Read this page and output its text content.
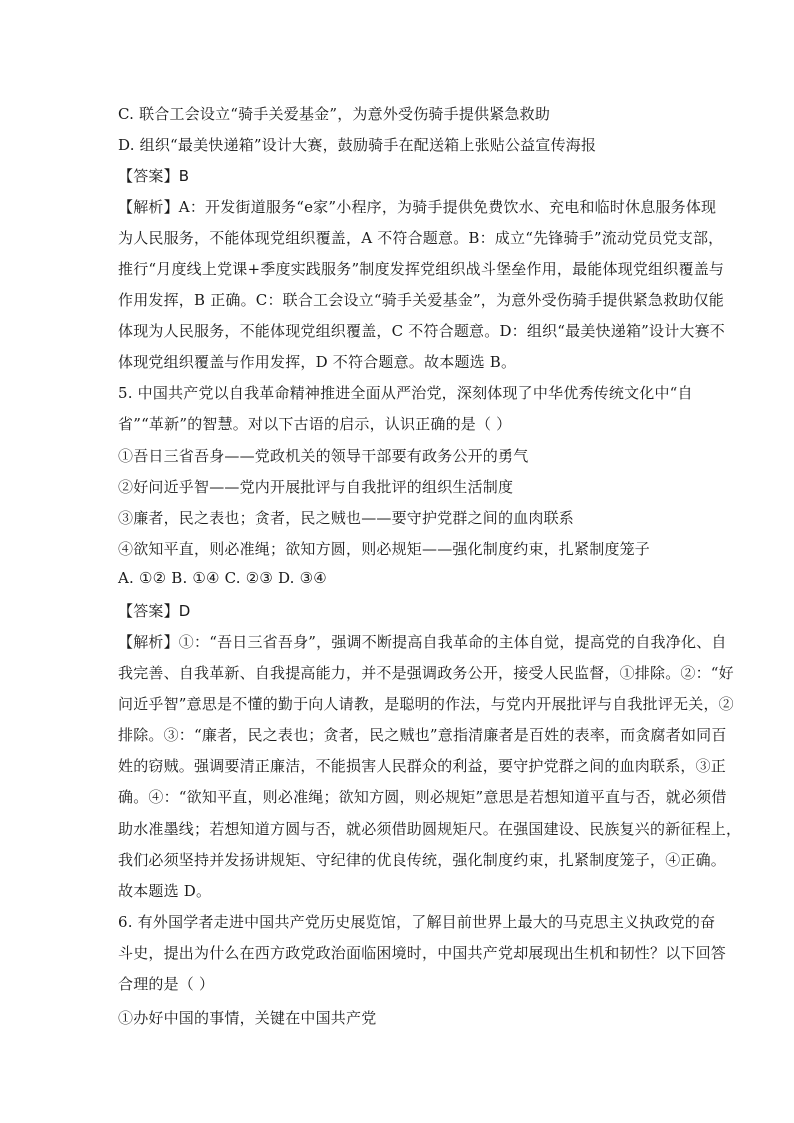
C. 联合工会设立“骑手关爱基金”，为意外受伤骑手提供紧急救助
D. 组织“最美快递箱”设计大赛，鼓励骑手在配送箱上张贴公益宣传海报
【答案】B
【解析】A：开发街道服务“e家”小程序，为骑手提供免费饮水、充电和临时休息服务体现
为人民服务，不能体现党组织覆盖，A 不符合题意。B：成立“先锋骑手”流动党员党支部，
推行“月度线上党课+季度实践服务”制度发挥党组织战斗堡垒作用，最能体现党组织覆盖与
作用发挥，B 正确。C：联合工会设立“骑手关爱基金”，为意外受伤骑手提供紧急救助仅能
体现为人民服务，不能体现党组织覆盖，C 不符合题意。D：组织“最美快递箱”设计大赛不
体现党组织覆盖与作用发挥，D 不符合题意。故本题选 B。
5. 中国共产党以自我革命精神推进全面从严治党，深刻体现了中华优秀传统文化中“自
省”“革新”的智慧。对以下古语的启示，认识正确的是（ ）
①吾日三省吾身——党政机关的领导干部要有政务公开的勇气
②好问近乎智——党内开展批评与自我批评的组织生活制度
③廉者，民之表也；贪者，民之贼也——要守护党群之间的血肉联系
④欲知平直，则必准绳；欲知方圆，则必规矩——强化制度约束，扎紧制度笼子
A. ①② B. ①④ C. ②③ D. ③④
【答案】D
【解析】①：“吾日三省吾身”，强调不断提高自我革命的主体自觉，提高党的自我净化、自
我完善、自我革新、自我提高能力，并不是强调政务公开，接受人民监督，①排除。②：“好
问近乎智”意思是不懂的勤于向人请教，是聪明的作法，与党内开展批评与自我批评无关，②
排除。③：“廉者，民之表也；贪者，民之贼也”意指清廉者是百姓的表率，而贪腐者如同百
姓的窃贼。强调要清正廉洁，不能损害人民群众的利益，要守护党群之间的血肉联系，③正
确。④：“欲知平直，则必准绳；欲知方圆，则必规矩”意思是若想知道平直与否，就必须借
助水准墨线；若想知道方圆与否，就必须借助圆规矩尺。在强国建设、民族复兴的新征程上，
我们必须坚持并发扬讲规矩、守纪律的优良传统，强化制度约束，扎紧制度笼子，④正确。
故本题选 D。
6. 有外国学者走进中国共产党历史展览馆，了解目前世界上最大的马克思主义执政党的奋
斗史，提出为什么在西方政党政治面临困境时，中国共产党却展现出生机和韧性？以下回答
合理的是（ ）
①办好中国的事情，关键在中国共产党
